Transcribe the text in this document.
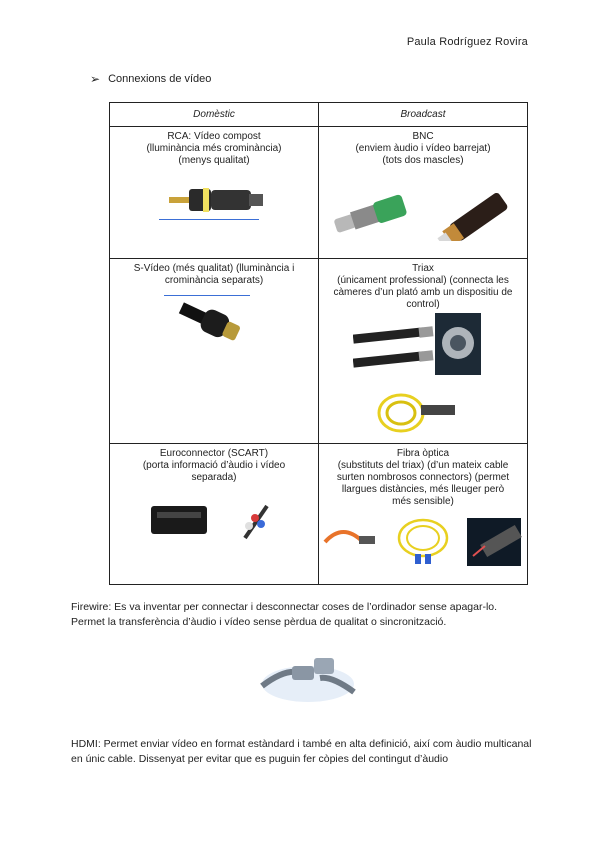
Paula Rodríguez Rovira
➢ Connexions de vídeo
Domèstic	Broadcast

RCA: Vídeo compost
(lluminància més crominància)
(menys qualitat)	BNC
(enviem àudio i vídeo barrejat)
(tots dos mascles)

S-Vídeo (més qualitat) (lluminància i
crominància separats)	Triax
(únicament professional) (connecta les
càmeres d’un plató amb un dispositiu de
control)

Euroconnector (SCART)
(porta informació d’àudio i vídeo
separada)	Fibra òptica
(substituts del triax) (d’un mateix cable
surten nombrosos connectors) (permet
llargues distàncies, més lleuger però
més sensible)
Firewire: Es va inventar per connectar i desconnectar coses de l’ordinador sense apagar-lo. Permet la transferència d’àudio i vídeo sense pèrdua de qualitat o sincronització.
HDMI: Permet enviar vídeo en format estàndard i també en alta definició, així com àudio multicanal en únic cable. Dissenyat per evitar que es puguin fer còpies del contingut d’àudio
